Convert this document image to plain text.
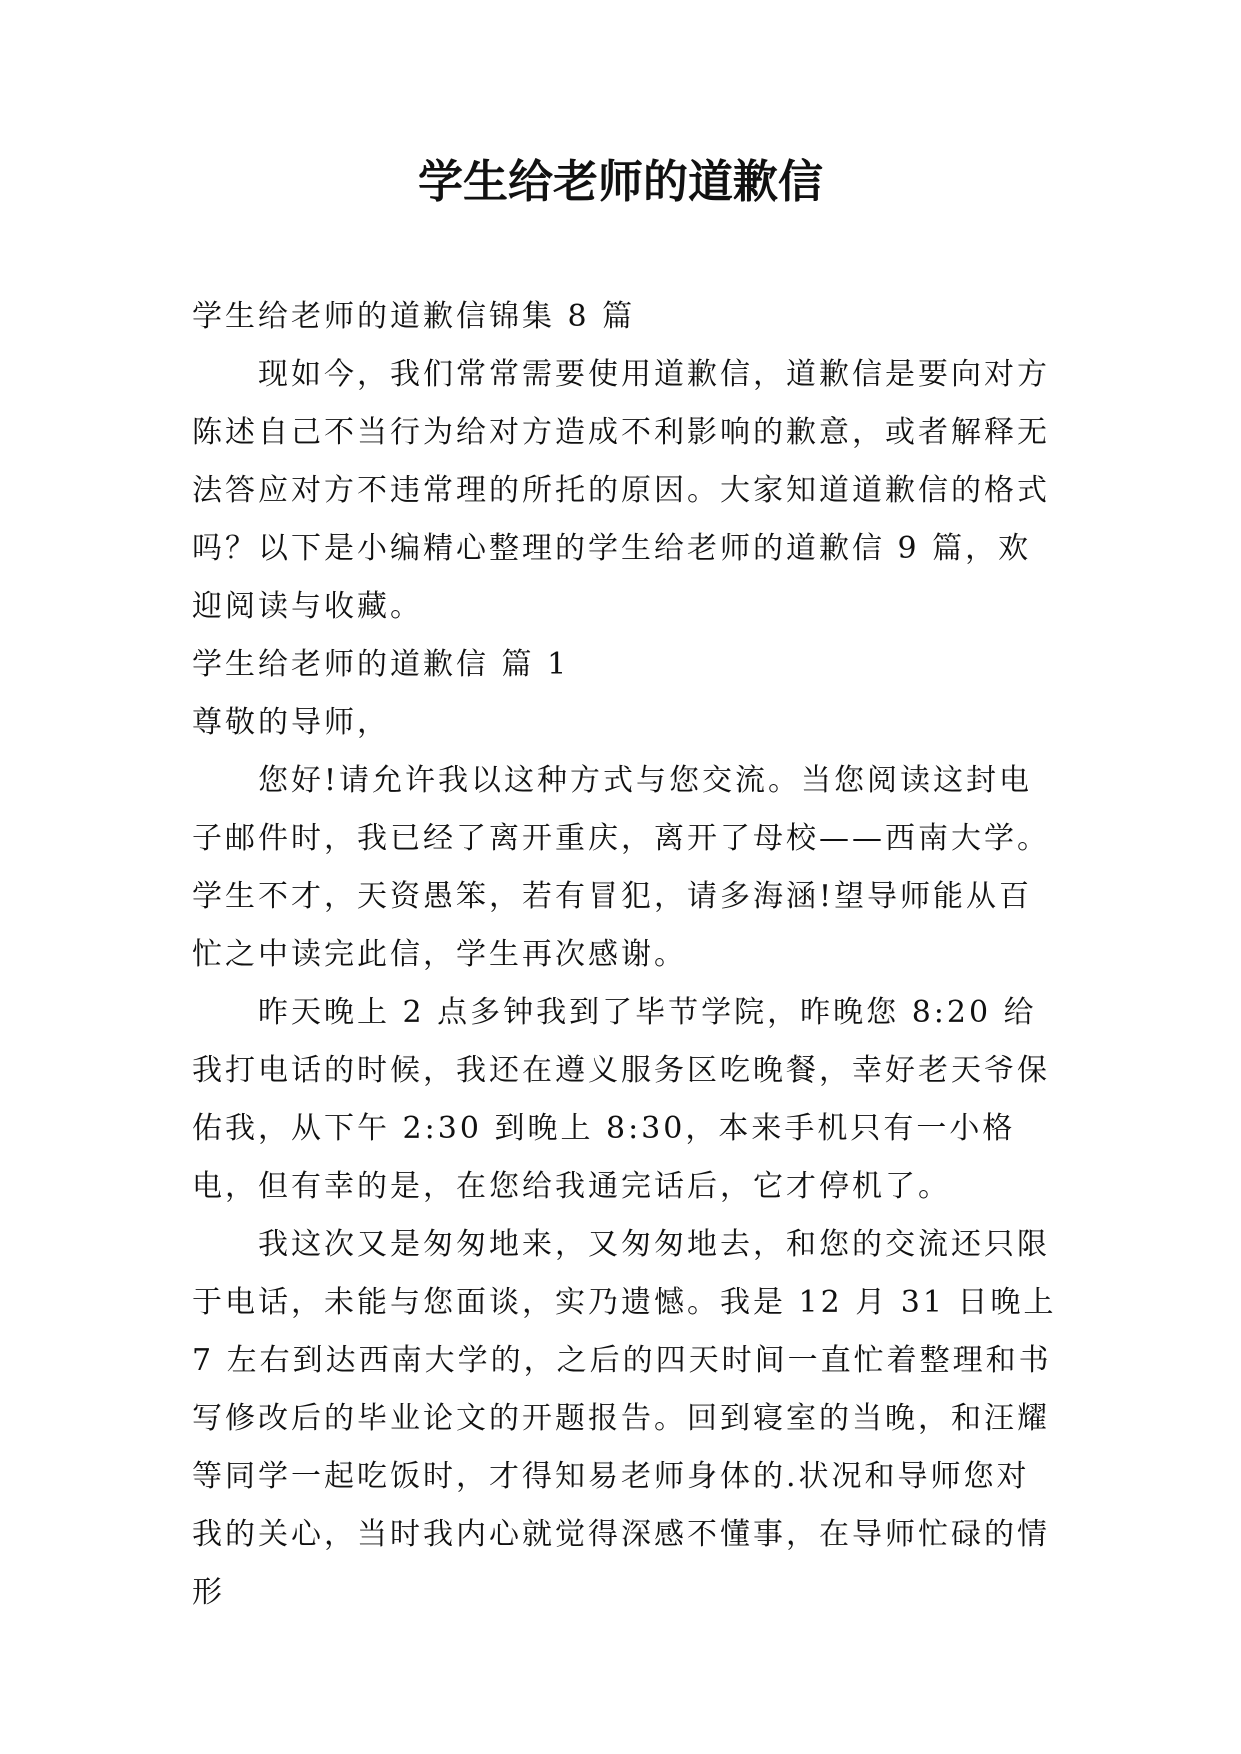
学生给老师的道歉信

学生给老师的道歉信锦集 8 篇

现如今，我们常常需要使用道歉信，道歉信是要向对方陈述自己不当行为给对方造成不利影响的歉意，或者解释无法答应对方不违常理的所托的原因。大家知道道歉信的格式吗？以下是小编精心整理的学生给老师的道歉信 9 篇，欢迎阅读与收藏。

学生给老师的道歉信 篇 1

尊敬的导师，

您好!请允许我以这种方式与您交流。当您阅读这封电子邮件时，我已经了离开重庆，离开了母校——西南大学。学生不才，天资愚笨，若有冒犯，请多海涵!望导师能从百忙之中读完此信，学生再次感谢。

昨天晚上 2 点多钟我到了毕节学院，昨晚您 8:20 给我打电话的时候，我还在遵义服务区吃晚餐，幸好老天爷保佑我，从下午 2:30 到晚上 8:30，本来手机只有一小格电，但有幸的是，在您给我通完话后，它才停机了。

我这次又是匆匆地来，又匆匆地去，和您的交流还只限于电话，未能与您面谈，实乃遗憾。我是 12 月 31 日晚上 7 左右到达西南大学的，之后的四天时间一直忙着整理和书写修改后的毕业论文的开题报告。回到寝室的当晚，和汪耀等同学一起吃饭时，才得知易老师身体的.状况和导师您对我的关心，当时我内心就觉得深感不懂事，在导师忙碌的情形
